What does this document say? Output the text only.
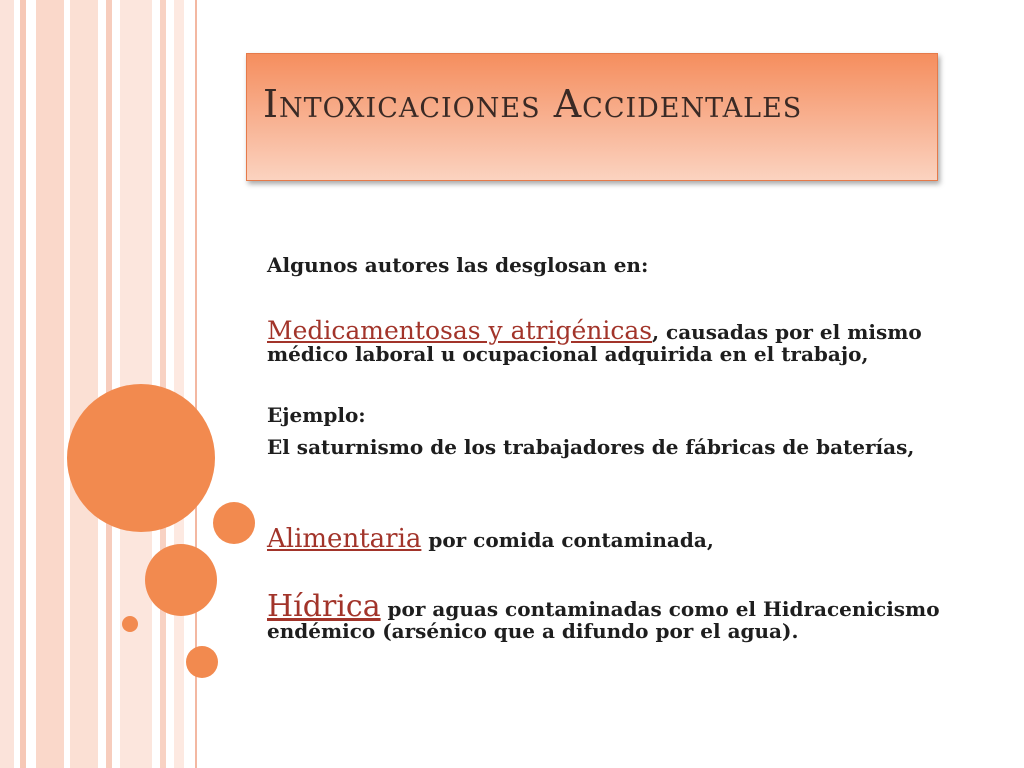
Intoxicaciones Accidentales

Algunos autores las desglosan en:

Medicamentosas y atrigénicas, causadas por el mismo médico laboral u ocupacional adquirida en el trabajo,

Ejemplo:

El saturnismo de los trabajadores de fábricas de baterías,

Alimentaria por comida contaminada,

Hídrica por aguas contaminadas como el Hidracenicismo endémico (arsénico que a difundo por el agua).
